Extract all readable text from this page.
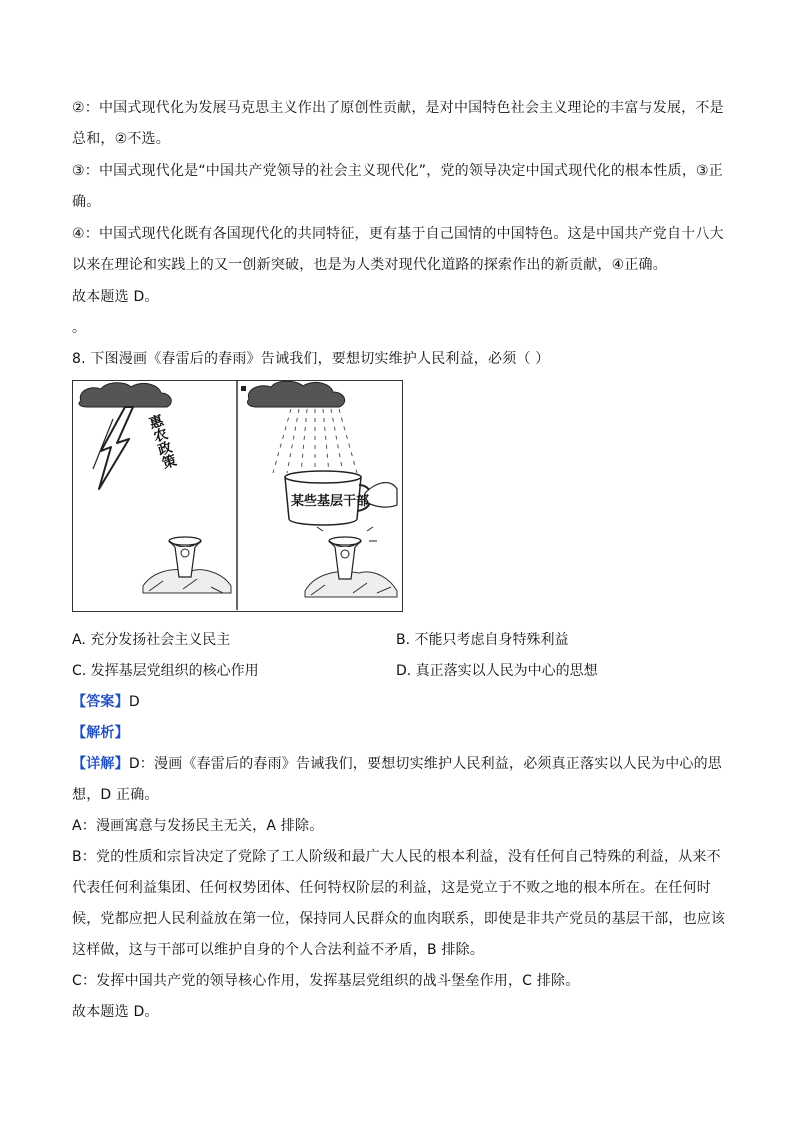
②：中国式现代化为发展马克思主义作出了原创性贡献，是对中国特色社会主义理论的丰富与发展，不是
总和，②不选。
③：中国式现代化是“中国共产党领导的社会主义现代化”，党的领导决定中国式现代化的根本性质，③正
确。
④：中国式现代化既有各国现代化的共同特征，更有基于自己国情的中国特色。这是中国共产党自十八大
以来在理论和实践上的又一创新突破，也是为人类对现代化道路的探索作出的新贡献，④正确。
故本题选 D。
。
8. 下图漫画《春雷后的春雨》告诫我们，要想切实维护人民利益，必须（ ）
惠农政策
某些基层干部
A. 充分发扬社会主义民主	B. 不能只考虑自身特殊利益
C. 发挥基层党组织的核心作用	D. 真正落实以人民为中心的思想
【答案】D
【解析】
【详解】D：漫画《春雷后的春雨》告诫我们，要想切实维护人民利益，必须真正落实以人民为中心的思
想，D 正确。
A：漫画寓意与发扬民主无关，A 排除。
B：党的性质和宗旨决定了党除了工人阶级和最广大人民的根本利益，没有任何自己特殊的利益，从来不
代表任何利益集团、任何权势团体、任何特权阶层的利益，这是党立于不败之地的根本所在。在任何时
候，党都应把人民利益放在第一位，保持同人民群众的血肉联系，即使是非共产党员的基层干部，也应该
这样做，这与干部可以维护自身的个人合法利益不矛盾，B 排除。
C：发挥中国共产党的领导核心作用，发挥基层党组织的战斗堡垒作用，C 排除。
故本题选 D。
